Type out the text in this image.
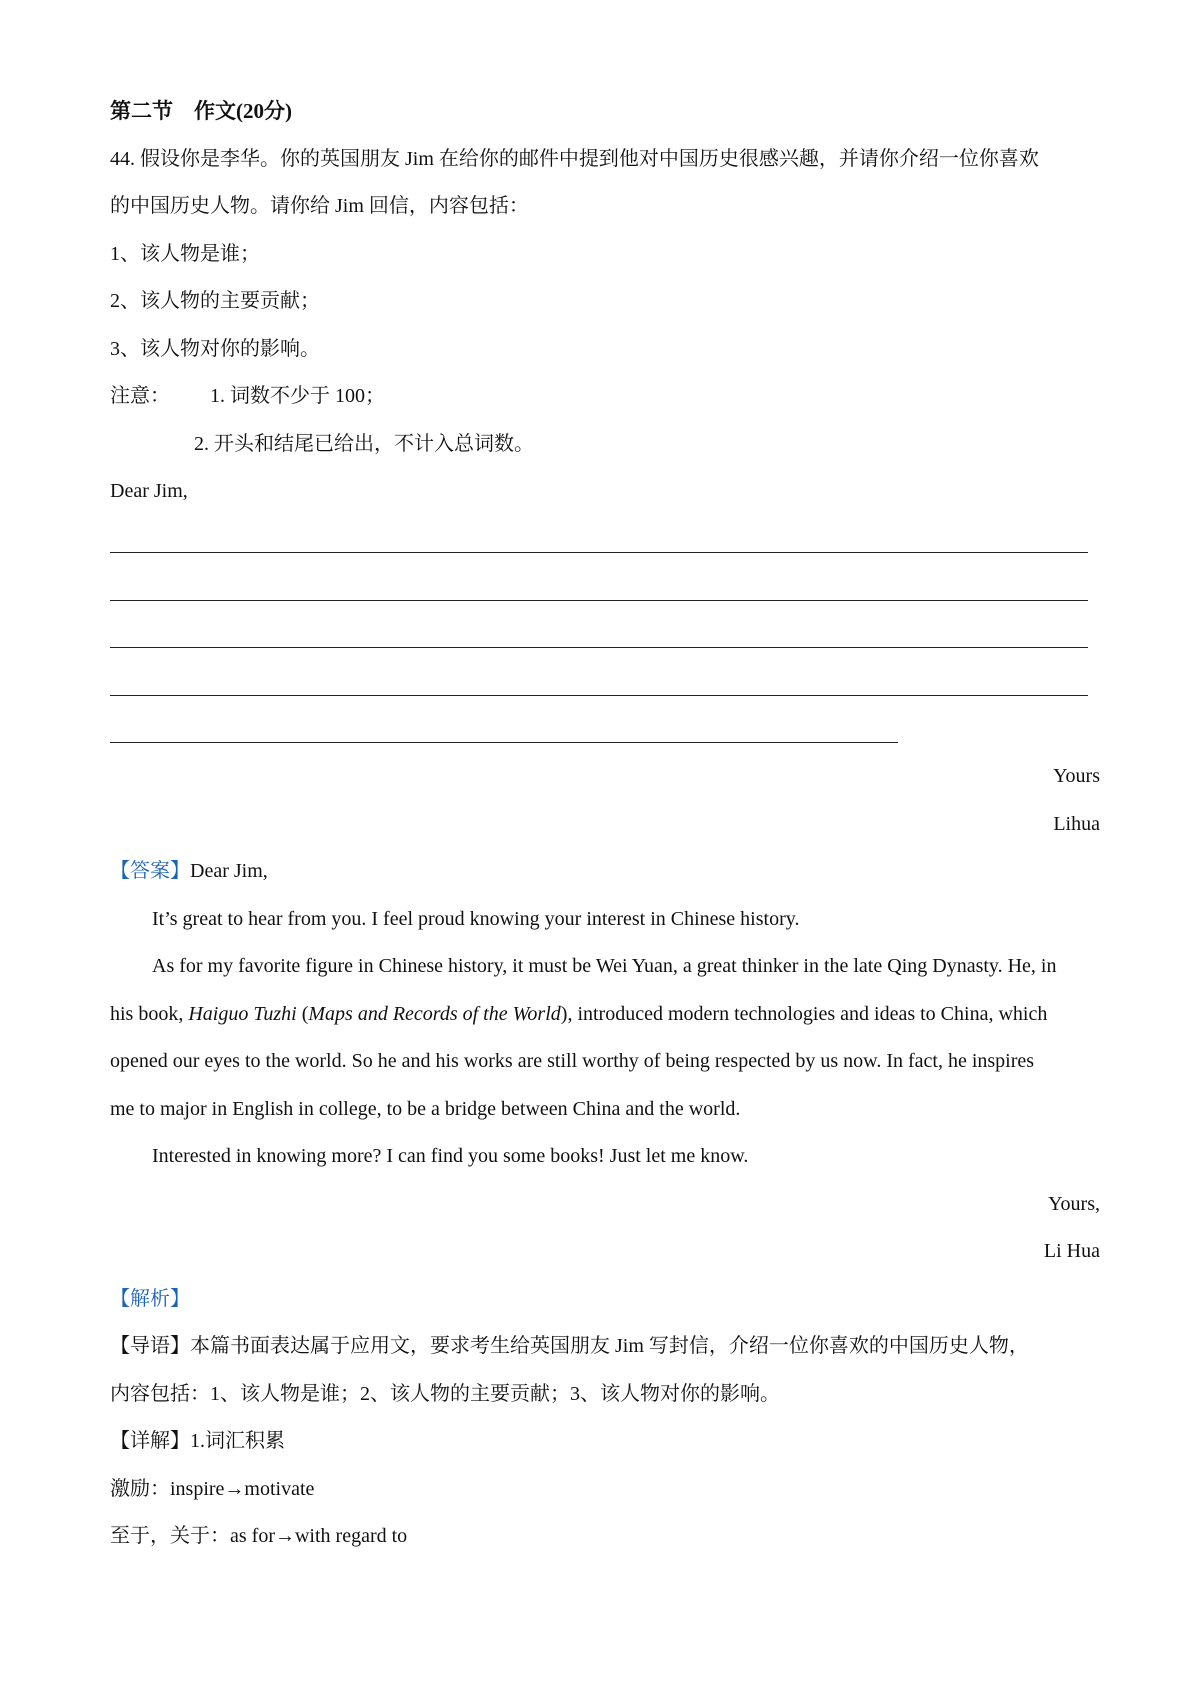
第二节　作文(20分)
44. 假设你是李华。你的英国朋友 Jim 在给你的邮件中提到他对中国历史很感兴趣，并请你介绍一位你喜欢
的中国历史人物。请你给 Jim 回信，内容包括：
1、该人物是谁；
2、该人物的主要贡献；
3、该人物对你的影响。
注意： 1. 词数不少于 100；
2. 开头和结尾已给出，不计入总词数。
Dear Jim,
Yours
Lihua
【答案】Dear Jim,
It’s great to hear from you. I feel proud knowing your interest in Chinese history.
As for my favorite figure in Chinese history, it must be Wei Yuan, a great thinker in the late Qing Dynasty. He, in
his book, Haiguo Tuzhi (Maps and Records of the World), introduced modern technologies and ideas to China, which
opened our eyes to the world. So he and his works are still worthy of being respected by us now. In fact, he inspires
me to major in English in college, to be a bridge between China and the world.
Interested in knowing more? I can find you some books! Just let me know.
Yours,
Li Hua
【解析】
【导语】本篇书面表达属于应用文，要求考生给英国朋友 Jim 写封信，介绍一位你喜欢的中国历史人物，
内容包括：1、该人物是谁；2、该人物的主要贡献；3、该人物对你的影响。
【详解】1.词汇积累
激励：inspire→motivate
至于，关于：as for→with regard to
